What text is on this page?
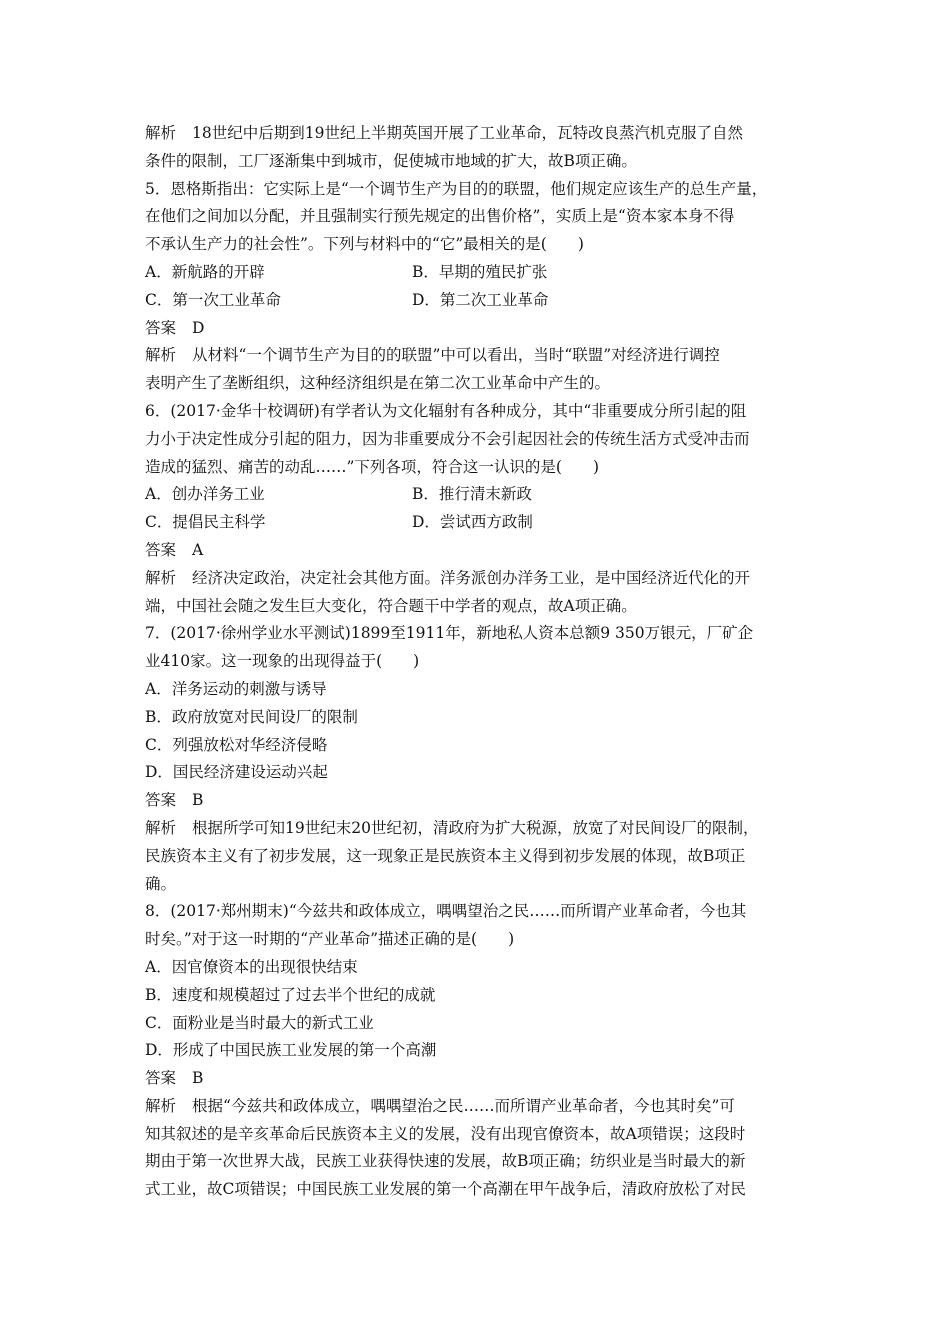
解析 18世纪中后期到19世纪上半期英国开展了工业革命，瓦特改良蒸汽机克服了自然
条件的限制，工厂逐渐集中到城市，促使城市地域的扩大，故B项正确。
5．恩格斯指出：它实际上是“一个调节生产为目的的联盟，他们规定应该生产的总生产量，
在他们之间加以分配，并且强制实行预先规定的出售价格”，实质上是“资本家本身不得
不承认生产力的社会性”。下列与材料中的“它”最相关的是(　　)
A．新航路的开辟	B．早期的殖民扩张
C．第一次工业革命	D．第二次工业革命
答案 D
解析 从材料“一个调节生产为目的的联盟”中可以看出，当时“联盟”对经济进行调控
表明产生了垄断组织，这种经济组织是在第二次工业革命中产生的。
6．(2017·金华十校调研)有学者认为文化辐射有各种成分，其中“非重要成分所引起的阻
力小于决定性成分引起的阻力，因为非重要成分不会引起因社会的传统生活方式受冲击而
造成的猛烈、痛苦的动乱……”下列各项，符合这一认识的是(　　)
A．创办洋务工业	B．推行清末新政
C．提倡民主科学	D．尝试西方政制
答案 A
解析 经济决定政治，决定社会其他方面。洋务派创办洋务工业，是中国经济近代化的开
端，中国社会随之发生巨大变化，符合题干中学者的观点，故A项正确。
7．(2017·徐州学业水平测试)1899至1911年，新地私人资本总额9 350万银元，厂矿企
业410家。这一现象的出现得益于(　　)
A．洋务运动的刺激与诱导
B．政府放宽对民间设厂的限制
C．列强放松对华经济侵略
D．国民经济建设运动兴起
答案 B
解析 根据所学可知19世纪末20世纪初，清政府为扩大税源，放宽了对民间设厂的限制，
民族资本主义有了初步发展，这一现象正是民族资本主义得到初步发展的体现，故B项正
确。
8．(2017·郑州期末)“今兹共和政体成立，喁喁望治之民……而所谓产业革命者，今也其
时矣。”对于这一时期的“产业革命”描述正确的是(　　)
A．因官僚资本的出现很快结束
B．速度和规模超过了过去半个世纪的成就
C．面粉业是当时最大的新式工业
D．形成了中国民族工业发展的第一个高潮
答案 B
解析 根据“今兹共和政体成立，喁喁望治之民……而所谓产业革命者，今也其时矣”可
知其叙述的是辛亥革命后民族资本主义的发展，没有出现官僚资本，故A项错误；这段时
期由于第一次世界大战，民族工业获得快速的发展，故B项正确；纺织业是当时最大的新
式工业，故C项错误；中国民族工业发展的第一个高潮在甲午战争后，清政府放松了对民
